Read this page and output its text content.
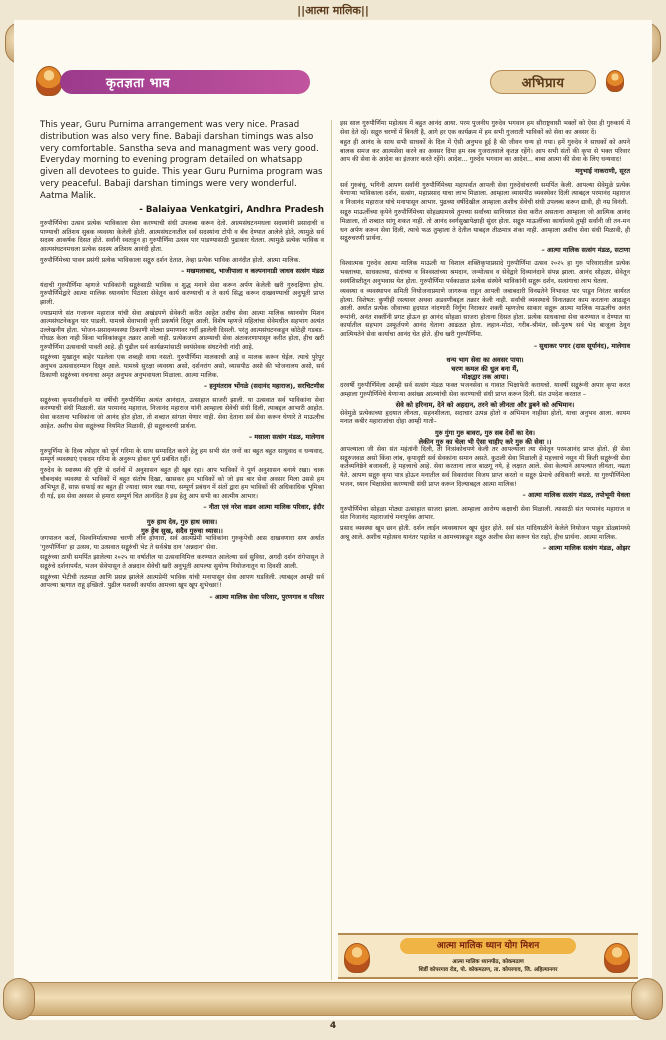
||आत्मा मालिक||
कृतज्ञता भाव	अभिप्राय

This year, Guru Purnima arrangement was very nice. Prasad distribution was also very fine. Babaji darshan timings was also very comfortable. Sanstha seva and managment was very good. Everyday morning to evening program detailed on whatsapp given all devotees to guide. This year Guru Purnima program was very peaceful. Babaji darshan timings were very wonderful. Aatma Malik.

- Balaiyaa Venkatgiri, Andhra Pradesh

गुरुपौर्णिमेचा उत्सव प्रत्येक भाविकाला सेवा करण्याची संधी उपलब्ध करून देतो. आत्मसंघटनमधला सदस्यांनी प्रसादाची व पाण्याची अतिशय सुबक व्यवस्था केलेली होती. आत्मसंघटनातील सर्व सदस्यांना टोपी व बॅच देण्यात आलेले होते, त्यामुळे सर्व सदस्य आकर्षक दिसत होते. सर्वांनी स्वतःहून हा गुरुपौर्णिमा उत्सव पार पाडण्यासाठी पुढाकार घेतला. त्यामुळे प्रत्येक भाविक व आत्मसंघटनमधला प्रत्येक सदस्य अतिशय आनंदी होता.

गुरुपौर्णिमेच्या पावन प्रसंगी प्रत्येक भाविकाला सद्गुरु दर्शन देतात, तेव्हा प्रत्येक भाविक आनंदीत होतो. आत्मा मालिक.

– मखमलाबाद, भाजीपाला व कल्पनानाडी जाधव सत्संग मंडळ

यंदाची गुरुपौर्णिमा म्हणजे भाविकांनी सद्गुरुंसाठी भाविक व शुद्ध मनाने सेवा करून अर्पण केलेली खरी गुरुदक्षिणा होय. गुरुपौर्णिमेद्वारे आत्मा मालिक ध्यानयोग पिठाला सेवेतून कार्य करण्याची व ते कार्य सिद्ध करून दाखवण्याची अनुभूती प्राप्त झाली.

ज्याप्रमाणे संत गजानन महाराज यांची सेवा अखंडपणे सेवेकरी करीत आहेत तशीच सेवा आत्मा मालिक ध्यानयोग मिशन आत्मसंघटनेकडून पार पाडली. यामध्ये सेवाभावी वृत्ती प्रकर्षाने दिसून आली. विशेष म्हणजे महिलांचा सेवेमधील सहभाग अत्यंत उल्लेखनीय होता. भोजन-प्रसादव्यवस्था ठिकाणी मोठ्या प्रमाणावर गर्दी झालेली दिसली. परंतु आत्मसंघटनकडून कोठेही गडबड-गोंधळ केला नाही किंवा भाविकांकडून तक्रार आली नाही. प्रत्येकजण आत्म्याची सेवा अंतःकरणापासून करीत होता, हीच खरी गुरुपौर्णिमा उत्सवाची पावती आहे. ही पुढील सर्व कार्यक्रमांसाठी स्वयंसेवक संघटनेची नांदी आहे.

सद्गुरुंच्या मुखातून बाहेर पडलेला एक शब्दही वाया नसतो. गुरुपौर्णिमा मालकाची आहे व मालक करून घेईल. त्याचे पुरेपूर अनुभव उत्सवादरम्यान दिसून आले. यामध्ये सुरक्षा व्यवस्था असो, दर्शनरांग असो, व्यासपीठ असो की भोजनालय असो, सर्व ठिकाणी सद्गुरुंच्या वचनाचा अमृत अनुभव अनुभवायला मिळाला. आत्मा मालिक.

– हनुमंतराव भोंगळे (सदानंद महाराज), सरचिटणीस

सद्गुरुंच्या कृपाशीर्वादाने या वर्षीची गुरुपौर्णिमा अत्यंत आनंदात, उत्साहात साजरी झाली. या उत्सवात सर्व भाविकांना सेवा करण्याची संधी मिळाली. संत परमानंद महाराज, निजानंद महाराज यांनी आम्हाला सेवेची संधी दिली, त्याबद्दल आभारी आहोत. सेवा करताना भाविकांना जो आनंद होत होता, तो शब्दात सांगता येणार नाही. सेवा देताना सर्व सेवा करून घेणारे ते माऊलीच आहेत. अशीच सेवा सद्गुरुंच्या नियमित मिळावी, ही सद्गुरुचरणी प्रार्थना.

– मसाला सत्संग मंडळ, मालेगाव

गुरुपूर्णिमा के दिव्य त्योहार को पूर्ण गरिमा के साथ सम्पादित करने हेतु हम सभी संत जनों का बहुत बहुत साधुवाद व धन्यवाद, सम्पूर्ण व्यवस्थाएं एकदम गरिमा के अनुरूप होकर पूर्ण प्रबंधित रहीं।

गुरुदेव के स्वास्थ्य की दृष्टि से दर्शनों में अनुशासन बहुत ही खूब रहा। आप भाविकों ने पूर्ण अनुशासन बनाये रखा। चाक चौबन्दबंद व्यवस्था से भाविकों में बहुत संतोष दिखा, खासकर हम भाविकों को जो इस बार सेवा अवसर मिला उससे हम अभिभूत हैं, साफ़ सफाई का बहुत ही ज्यादा ध्यान रखा गया, सम्पूर्ण प्रबंधन में संतों द्वारा हम भाविकों की अधिकाधिक भूमिका दी गई, इस सेवा अवसर से हमारा सम्पूर्ण चित आनंदित है इस हेतु आप सभी का आत्मीय आभार।

– नीता एवं नरेश वाढव आत्मा मालिक परिवार, इंदौर
गुरु हाथ देव, गुरु हाथ स्वास।
गुरु हेच सुख, सदैव गुरुचा ध्यास।।

जगपालन कर्ता, विश्वनिर्मात्याच्या चरणी लीन होणारा, सर्व आत्मप्रेमी भाविकांना गुरुकृपेची आस दाखवणारा सण अर्थात 'गुरुपौर्णिमा' हा उत्सव, या उत्सवात सद्गुरुंची भेट ते सर्वश्रेष्ठ दान 'अन्नदान' सेवा.

सद्गुरुंच्या ठायी समर्पित झालेल्या २०२५ या वर्षातील या उत्सवानिमित्त करण्यात आलेल्या सर्व सुविधा, अगदी दर्शन रांगेपासून ते सद्गुरुंचे दर्शनापर्यंत, भजन सेवेपासून ते अन्नदान सेवेची खरी अनुभूती आपल्या सुयोग्य नियोजनातून या दिवशी आली.

सद्गुरुंच्या भेटीची तळमळ आणि प्रसन्न झालेले आत्मप्रेमी भाविक यांची मनापासून सेवा आपण घडविली. त्याबद्दल आम्ही सर्व आपल्या ऋणात राहू इच्छितो. पुढील यशस्वी कार्यास आमच्या खूप खूप शुभेच्छा!!

– आत्मा मालिक सेवा परिवार, पुरणगाव व परिसर

इस साल गुरुपौर्णिमा महोत्सव में बहुत आनंद आया. परम पुजनीय गुरुदेव भगवान हम सौराष्ट्रवासी भक्तों को ऐसा ही गुरुकार्य में सेवा देते रहें। सद्गुरु चरणों में बिनती है, आगे हर एक कार्यक्रम में हम सभी गुजराती भाविकों को सेवा का अवसर दें।

बहुत ही आनंद के साथ सभी साधकों के दिल में ऐसी अनुभव हुई है की जीवन धन्य हो गया। हमें गुरुदेव ने साधकों को अपने बालक समज कर आत्मसेवा करने का अवसर दिया हम सब गुजरातवाले कृतज्ञ रहेंगे। आप सभी संतों की कृपा से भक्त परिवार आप की सेवा के आदेश का इंतजार करते रहेंगे। आदेश... गुरुदेव भगवान का आदेश... बाबा आत्मा की सेवा के लिए धन्यवाद!

मनुभाई नाकराणी, सूरत

सर्व गुरुबंधू, भगिनी आपण सर्वांनी गुरुपौर्णिमेच्या महापर्वात आपली सेवा गुरुदेवांचरणी समर्पित केली. आपल्या सेवेमुळे प्रत्येक येणाऱ्या भाविकाला दर्शन, सत्संग, महाप्रसाद याचा लाभ मिळाला. आम्हाला व्यासपीठ व्यवस्थेवर दिली त्याबद्दल परमानंद महाराज व निजानंद महाराज यांचे मनापासून आभार. पुढच्या वर्षीदेखील आम्हाला अशीच सेवेची संधी उपलब्ध करून द्यावी, ही नम्र विनंती.

सद्गुरु माऊलींच्या कृपेने गुरुपौर्णिमेच्या सोहळ्यामध्ये तुमच्या सर्वांच्या सानिध्यात सेवा करीत असताना आम्हाला जो आत्मिक आनंद मिळाला, तो शब्दात सांगू शकत नाही. तो आनंद स्वर्गसुखापेक्षाही सुंदर होता. सद्गुरु माऊलींच्या कार्यामध्ये तुम्ही सर्वांनी जी तन-मन धन अर्पण करून सेवा दिली, त्याचे फळ तुम्हाला ते देतील याबद्दल तीळमात्र शंका नाही. आम्हाला अशीच सेवा संधी मिळावी, ही सद्गुरुचरणी प्रार्थना.

– आत्मा मालिक सत्संग मंडळ, सटाणा

विश्वात्मक गुरुदेव आत्मा मालिक माऊली या विशाल शक्तिकृपाप्रसादे गुरुपौर्णिमा उत्सव २०२५ हा गुरु परिवारातील प्रत्येक भक्ताच्या, साधकाच्या, संतांच्या व विश्वस्तांच्या श्रमदान, जन्मोत्सव व सेवेद्वारे दिव्यानंदाने संपन्न झाला. आनंद सोहळा, सेवेतून स्वयंशिस्तीतून अनुभवास येत होता. गुरुपौर्णिमा पर्वकाळात प्रत्येक संस्थेने भाविकांनी सद्गुरू दर्शन, सत्संगाचा लाभ घेतला.

व्यवस्था व व्यवस्थापन समिती नियोजनाप्रमाणे जागरूक राहून आपली जबाबदारी विनम्रतेने निभावत पार पाडून निरंतर कार्यरत होत्या. विशेषत: कुणीही रस्त्यावर अथवा अडवणीबद्दल तक्रार केली नाही. सर्वांची व्यवस्थाचे विनातक्रार काम करताना आढळून आली. अर्थात प्रत्येक जीवाच्या हृदयात नांदणारी निर्गुण निराकार शक्ती म्हणजेच साकार सद्गुरू आत्मा मालिक माऊलीच अनंत रूपांनी, अनंत शक्तींनी प्रगट होऊन हा आनंद सोहळा साजरा होताना दिसत होता. प्रत्येक साधकाचा सेवा करण्यात व देण्यात या कार्यातील सहभाग उस्फूर्तपणे आनंद घेताना आढळत होता. लहान-मोठा, गरीब-श्रीमंत, स्त्री-पुरुष सर्व भेद बाजूला ठेवून आत्मियतेने सेवा कार्याचा आनंद घेत होते. हीच खरी गुरुपौर्णिमा.

– सुधाकर पगार (दास सूर्यानंद), मालेगाव
धन्य भाग सेवा का अवसर पाया।
चरण कमल की धुल बना मैं,
मोक्षद्वार तक आया।

दरवर्षी गुरुपौर्णिमेला आम्ही सर्व सत्संग मंडळ फक्त भजनसेवा व गावात भिक्षाफेरी करायचो. यावर्षी सद्गुरूंनी अपार कृपा करत अम्हाला गुरुपौर्णिमेचे येणाऱ्या असंख्य आत्म्यांची सेवा करण्याची संधी प्राप्त करून दिली. संत उपदेश करतात –

सेवे को हरिनाम, देने को अहदान, तरने को लीनता और डुबने को अभिमान।

सेवेमुळे प्रत्येकाच्या हृदयात लीनता, सहनशीलता, सदाचार उत्पन्न होतो व अभिमान नाहीसा होतो, याचा अनुभव आला. कायम मनात कबीर महाराजांचा दोहा आम्ही गातो–

गुरु गुंगा गुरु बावरा, गुरु सब देवों का देव।
लेकीन गुरु का चेला भी ऐसा चाहीए करे गुरु की सेवा ।।

आपल्याला जी सेवा संत महंतांनी दिली, ती निःसंकोचपणे केली तर आपल्याला त्या सेवेतून परमआनंद प्राप्त होतो. ही सेवा सद्गुरुजवळ असो किंवा लांब, कृपादृष्टी सर्व सेवकांना समान असते. कुठली सेवा मिळाली हे महत्त्वाचे नसून मी किती सद्गुरूंची सेवा कर्तव्यनिष्ठेने बजावली, हे महत्त्वाचे आहे. सेवा करताना लाज बाळगू नये, हे लक्षात आले. सेवा केल्याने आपल्यात लीनता, नम्रता येते. आपण सद्गुरु कृपा पात्र होऊन मनातील सर्व विकारांवर विजय प्राप्त करतो व सद्गुरु प्रेमाचे अधिकारी बनतो. या गुरुपौर्णिमेला भजन, ध्यान भिक्षासेवा करण्याची संधी प्राप्त करून दिल्याबद्दल आत्मा मालिक!

– आत्मा मालिक सत्संग मंडळ, तपोभूमी येवला

गुरुपौर्णिमेचा सोहळा मोठ्या उत्साहात साजरा झाला. आम्हाला आरोग्य कक्षाची सेवा मिळाली. त्यासाठी संत परमानंद महाराज व संत निजानंद महाराजांचे मनःपूर्वक आभार.

प्रसाद व्यवस्था खूप छान होती. दर्शन लाईन व्यवस्थापन खूप सुंदर होते. सर्व संत मांदियाळीने केलेले नियोजन पाहून डोळ्यांमध्ये अश्रू आले. अशीच महोत्सव यानंतर पहावेत व आमच्याकडून सद्गुरु अशीच सेवा करून घेत राहो, हीच प्रार्थना. आत्मा मालिक.

– आत्मा मालिक सत्संग मंडळ, ओझर
आत्मा मालिक ध्यान योग मिशन
आत्मा मालिक ध्यानपीठ, कोकमठाण
शिर्डी कोपरगाव रोड, पो. कोकमठाण, ता. कोपरगाव, जि. अहिल्यानगर
4
